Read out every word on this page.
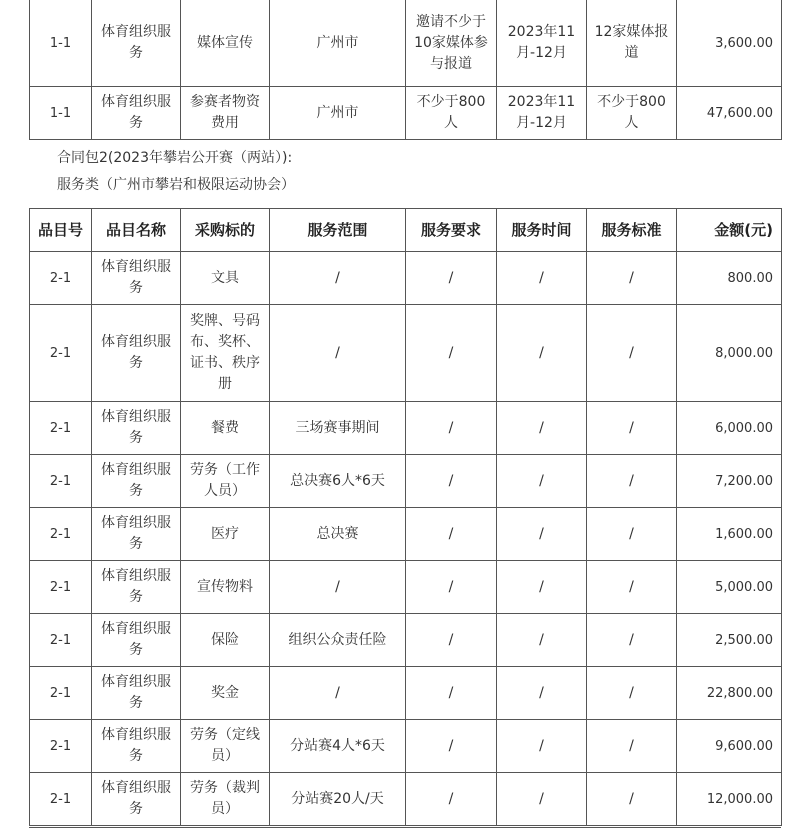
1-1	体育组织服务	媒体宣传	广州市	邀请不少于10家媒体参与报道	2023年11月-12月	12家媒体报道	3,600.00
1-1	体育组织服务	参赛者物资费用	广州市	不少于800人	2023年11月-12月	不少于800人	47,600.00
合同包2(2023年攀岩公开赛（两站）):
服务类（广州市攀岩和极限运动协会）
品目号	品目名称	采购标的	服务范围	服务要求	服务时间	服务标准	金额(元)
2-1	体育组织服务	文具	/	/	/	/	800.00
2-1	体育组织服务	奖牌、号码布、奖杯、证书、秩序册	/	/	/	/	8,000.00
2-1	体育组织服务	餐费	三场赛事期间	/	/	/	6,000.00
2-1	体育组织服务	劳务（工作人员）	总决赛6人*6天	/	/	/	7,200.00
2-1	体育组织服务	医疗	总决赛	/	/	/	1,600.00
2-1	体育组织服务	宣传物料	/	/	/	/	5,000.00
2-1	体育组织服务	保险	组织公众责任险	/	/	/	2,500.00
2-1	体育组织服务	奖金	/	/	/	/	22,800.00
2-1	体育组织服务	劳务（定线员）	分站赛4人*6天	/	/	/	9,600.00
2-1	体育组织服务	劳务（裁判员）	分站赛20人/天	/	/	/	12,000.00
